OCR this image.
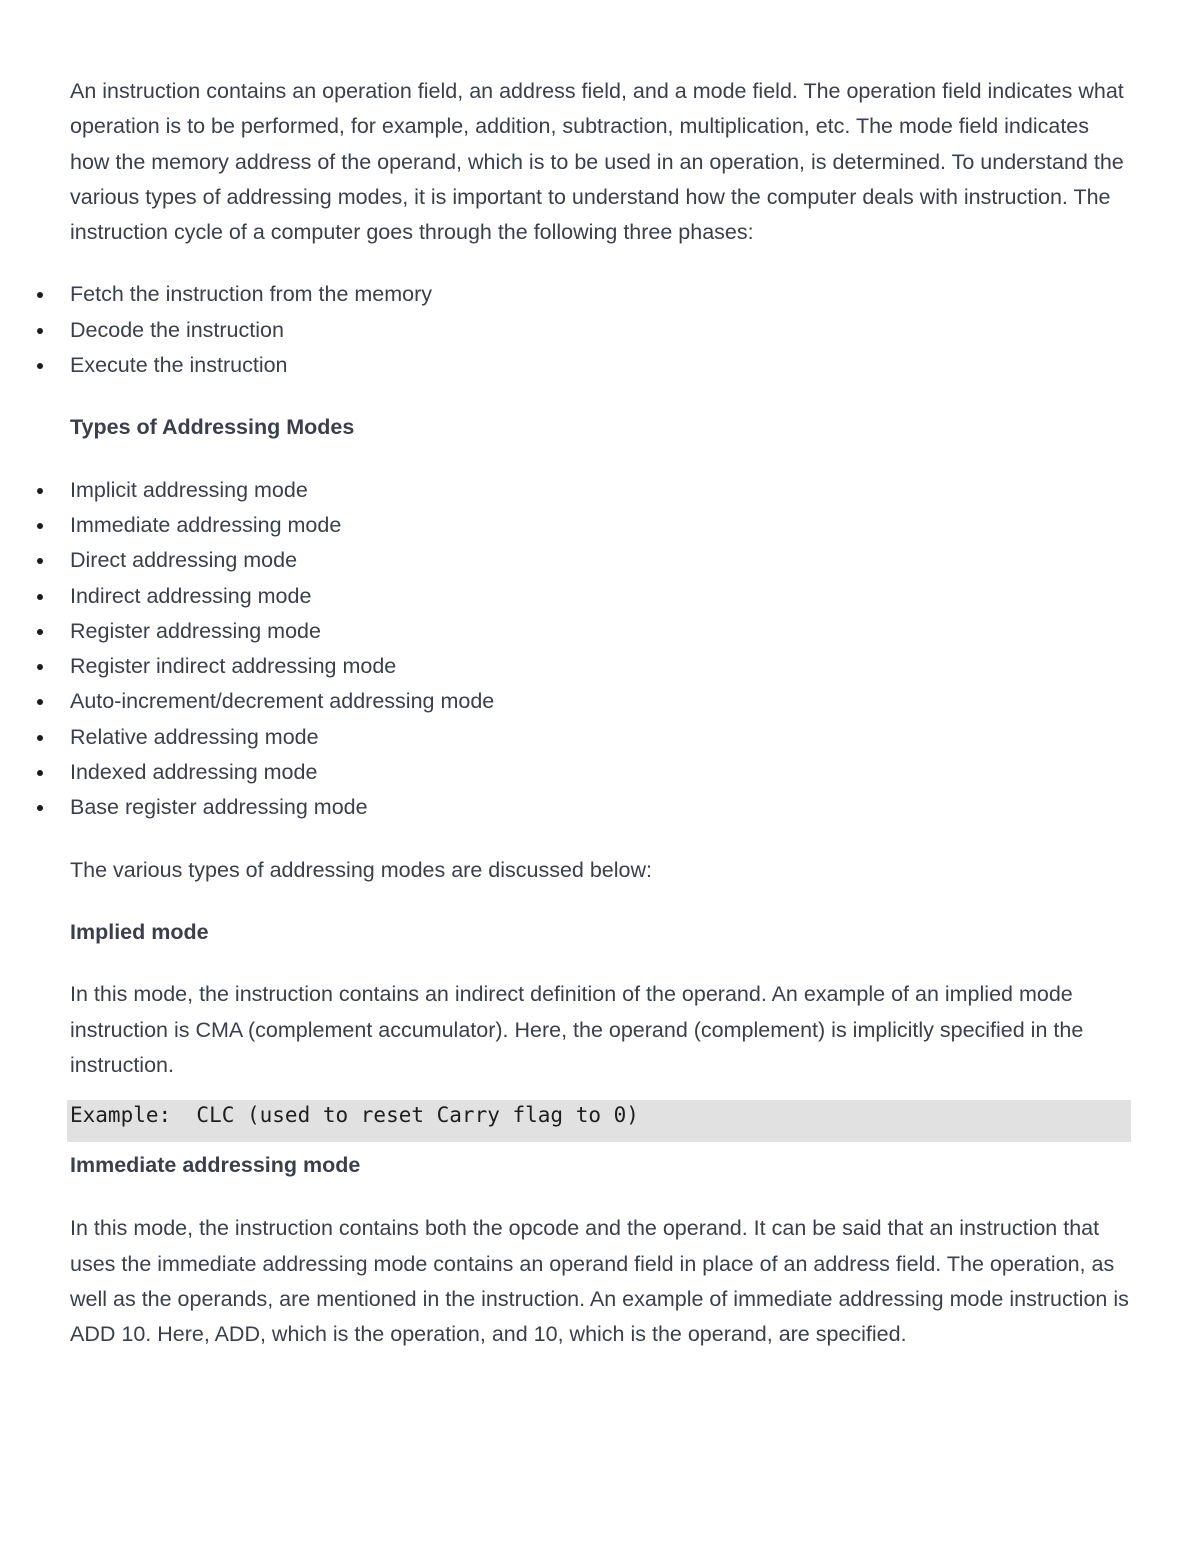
An instruction contains an operation field, an address field, and a mode field. The operation field indicates what operation is to be performed, for example, addition, subtraction, multiplication, etc. The mode field indicates how the memory address of the operand, which is to be used in an operation, is determined. To understand the various types of addressing modes, it is important to understand how the computer deals with instruction. The instruction cycle of a computer goes through the following three phases:

Fetch the instruction from the memory
Decode the instruction
Execute the instruction
Types of Addressing Modes
Implicit addressing mode
Immediate addressing mode
Direct addressing mode
Indirect addressing mode
Register addressing mode
Register indirect addressing mode
Auto-increment/decrement addressing mode
Relative addressing mode
Indexed addressing mode
Base register addressing mode

The various types of addressing modes are discussed below:

Implied mode

In this mode, the instruction contains an indirect definition of the operand. An example of an implied mode instruction is CMA (complement accumulator). Here, the operand (complement) is implicitly specified in the instruction.

Example:  CLC (used to reset Carry flag to 0)
Immediate addressing mode

In this mode, the instruction contains both the opcode and the operand. It can be said that an instruction that uses the immediate addressing mode contains an operand field in place of an address field. The operation, as well as the operands, are mentioned in the instruction. An example of immediate addressing mode instruction is ADD 10. Here, ADD, which is the operation, and 10, which is the operand, are specified.
